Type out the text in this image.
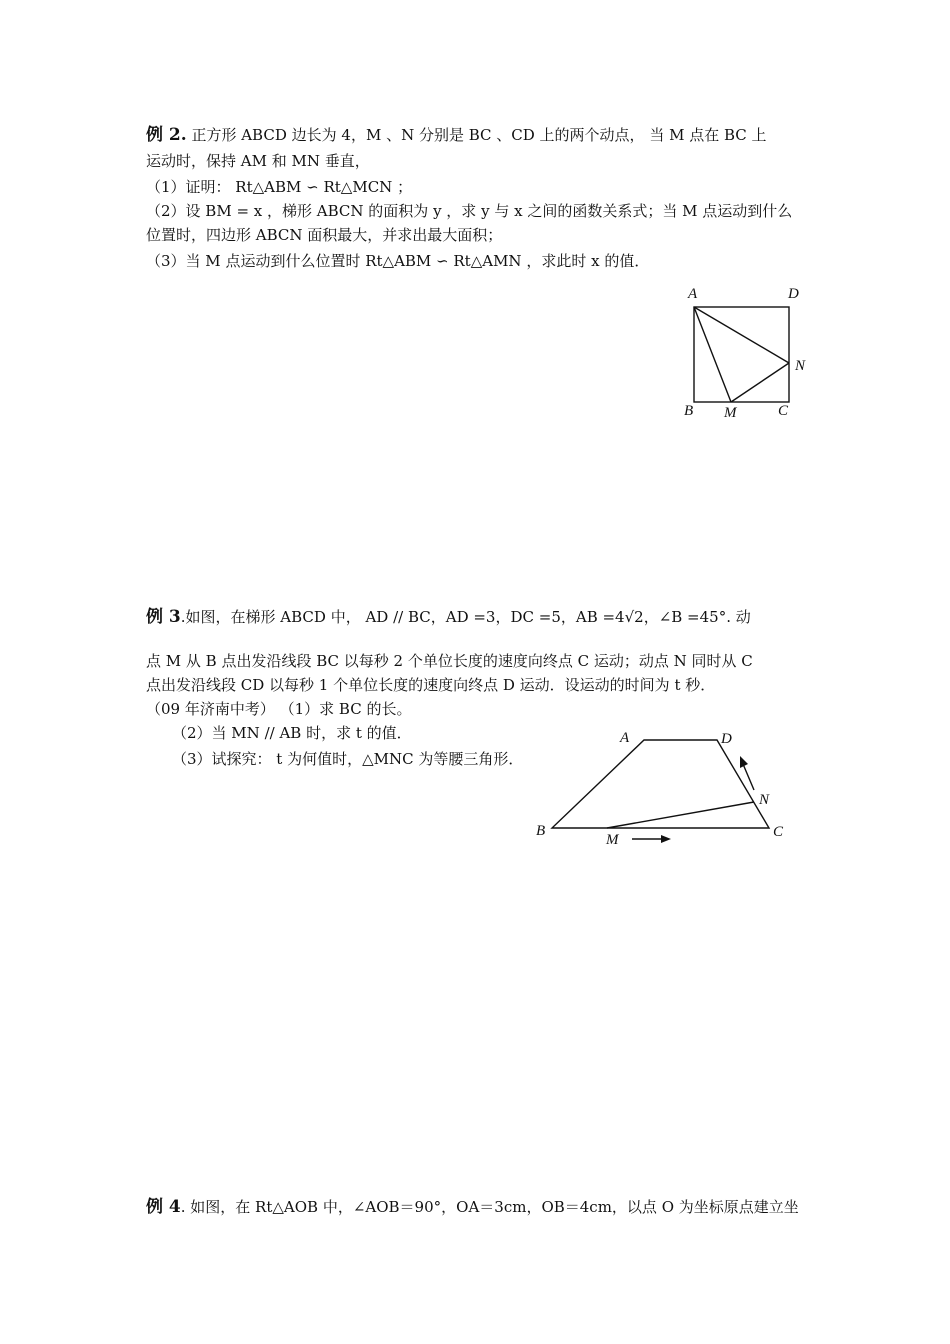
例 2. 正方形 ABCD 边长为 4，M 、N 分别是 BC 、CD 上的两个动点， 当 M 点在 BC 上
运动时，保持 AM 和 MN 垂直，
（1）证明： Rt△ABM ∽ Rt△MCN ；
（2）设 BM = x ，梯形 ABCN 的面积为 y ，求 y 与 x 之间的函数关系式；当 M 点运动到什么
位置时，四边形 ABCN 面积最大，并求出最大面积；
（3）当 M 点运动到什么位置时 Rt△ABM ∽ Rt△AMN ，求此时 x 的值．
A	D
N
B M	C
例 3.如图，在梯形 ABCD 中， AD // BC，AD =3，DC =5，AB =4√2，∠B =45°. 动
点 M 从 B 点出发沿线段 BC 以每秒 2 个单位长度的速度向终点 C 运动；动点 N 同时从 C
点出发沿线段 CD 以每秒 1 个单位长度的速度向终点 D 运动．设运动的时间为 t 秒．
（09 年济南中考） （1）求 BC 的长。
（2）当 MN // AB 时，求 t 的值．
（3）试探究： t 为何值时，△MNC 为等腰三角形．
A	D
N
B
M	C
例 4. 如图，在 Rt△AOB 中，∠AOB＝90°，OA＝3cm，OB＝4cm，以点 O 为坐标原点建立坐
